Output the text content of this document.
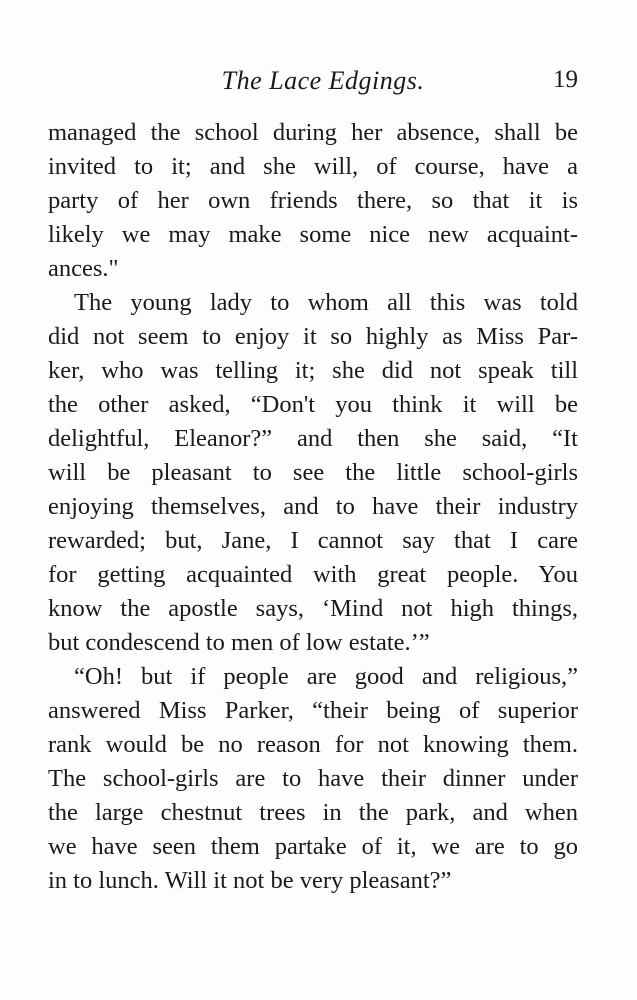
The Lace Edgings.	19
managed the school during her absence, shall be
invited to it; and she will, of course, have a
party of her own friends there, so that it is
likely we may make some nice new acquaint-
ances."
The young lady to whom all this was told
did not seem to enjoy it so highly as Miss Par-
ker, who was telling it; she did not speak till
the other asked, “Don't you think it will be
delightful, Eleanor?” and then she said, “It
will be pleasant to see the little school-girls
enjoying themselves, and to have their industry
rewarded; but, Jane, I cannot say that I care
for getting acquainted with great people. You
know the apostle says, ‘Mind not high things,
but condescend to men of low estate.’”
“Oh! but if people are good and religious,”
answered Miss Parker, “their being of superior
rank would be no reason for not knowing them.
The school-girls are to have their dinner under
the large chestnut trees in the park, and when
we have seen them partake of it, we are to go
in to lunch. Will it not be very pleasant?”
